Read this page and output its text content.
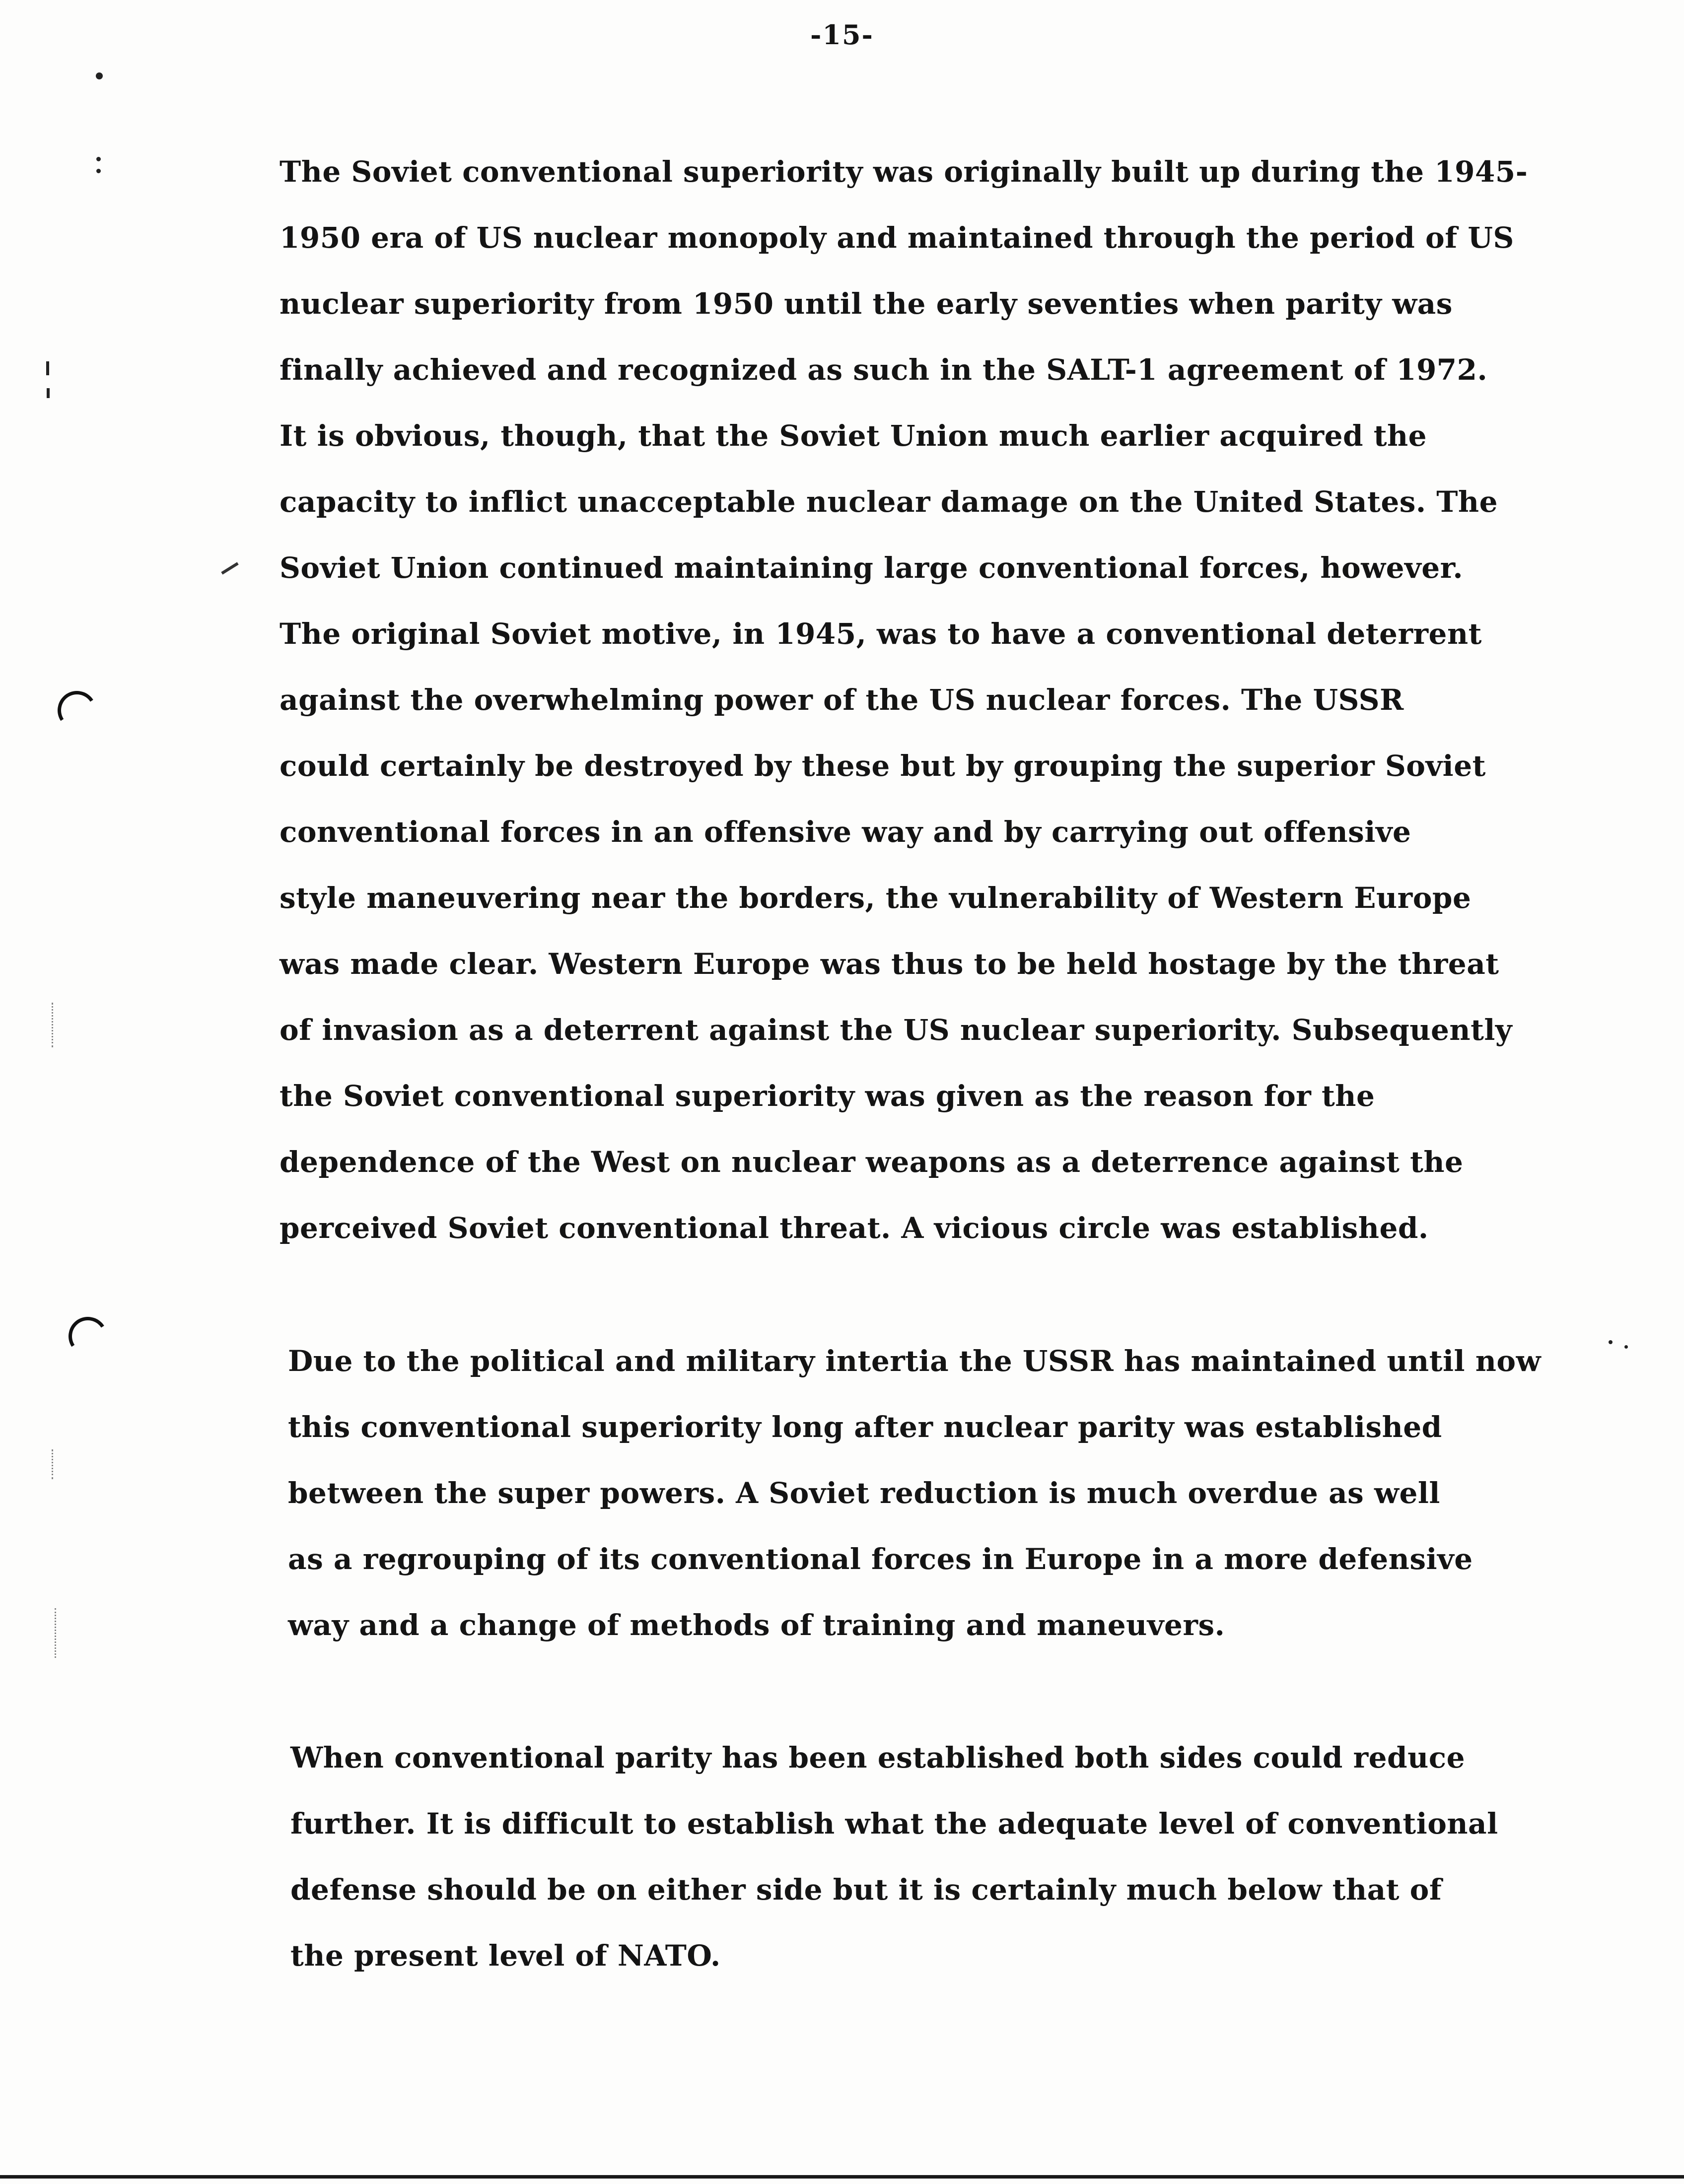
-15-

The Soviet conventional superiority was originally built up during the 1945-
1950 era of US nuclear monopoly and maintained through the period of US
nuclear superiority from 1950 until the early seventies when parity was
finally achieved and recognized as such in the SALT-1 agreement of 1972.
It is obvious, though, that the Soviet Union much earlier acquired the
capacity to inflict unacceptable nuclear damage on the United States. The
Soviet Union continued maintaining large conventional forces, however.
The original Soviet motive, in 1945, was to have a conventional deterrent
against the overwhelming power of the US nuclear forces. The USSR
could certainly be destroyed by these but by grouping the superior Soviet
conventional forces in an offensive way and by carrying out offensive
style maneuvering near the borders, the vulnerability of Western Europe
was made clear. Western Europe was thus to be held hostage by the threat
of invasion as a deterrent against the US nuclear superiority. Subsequently
the Soviet conventional superiority was given as the reason for the
dependence of the West on nuclear weapons as a deterrence against the
perceived Soviet conventional threat. A vicious circle was established.

Due to the political and military intertia the USSR has maintained until now
this conventional superiority long after nuclear parity was established
between the super powers. A Soviet reduction is much overdue as well
as a regrouping of its conventional forces in Europe in a more defensive
way and a change of methods of training and maneuvers.

When conventional parity has been established both sides could reduce
further. It is difficult to establish what the adequate level of conventional
defense should be on either side but it is certainly much below that of
the present level of NATO.
